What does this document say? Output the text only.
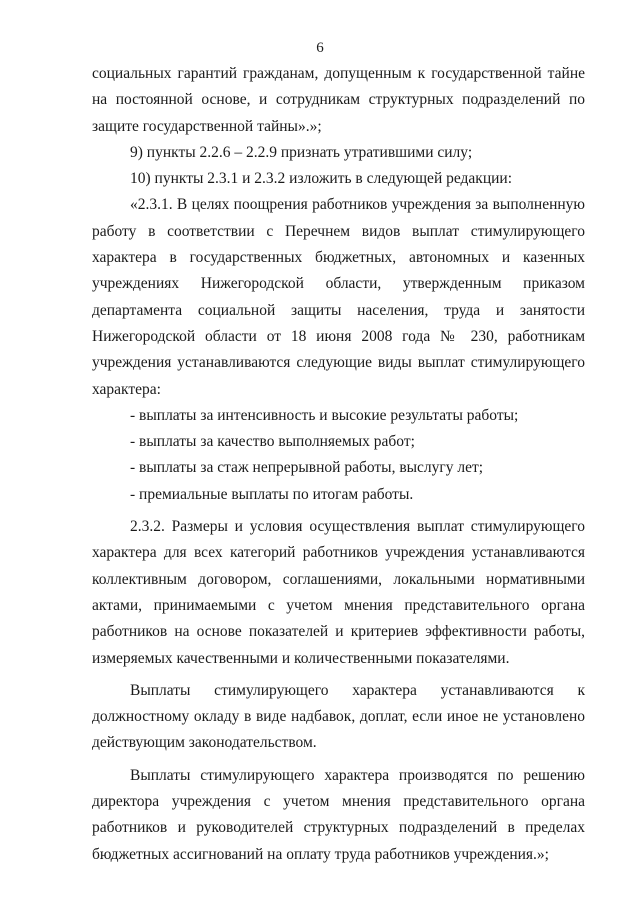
6

социальных гарантий гражданам, допущенным к государственной тайне на постоянной основе, и сотрудникам структурных подразделений по защите государственной тайны».»;

9) пункты 2.2.6 – 2.2.9 признать утратившими силу;

10) пункты 2.3.1 и 2.3.2 изложить в следующей редакции:

«2.3.1. В целях поощрения работников учреждения за выполненную работу в соответствии с Перечнем видов выплат стимулирующего характера в государственных бюджетных, автономных и казенных учреждениях Нижегородской области, утвержденным приказом департамента социальной защиты населения, труда и занятости Нижегородской области от 18 июня 2008 года № 230, работникам учреждения устанавливаются следующие виды выплат стимулирующего характера:

- выплаты за интенсивность и высокие результаты работы;

- выплаты за качество выполняемых работ;

- выплаты за стаж непрерывной работы, выслугу лет;

- премиальные выплаты по итогам работы.

2.3.2. Размеры и условия осуществления выплат стимулирующего характера для всех категорий работников учреждения устанавливаются коллективным договором, соглашениями, локальными нормативными актами, принимаемыми с учетом мнения представительного органа работников на основе показателей и критериев эффективности работы, измеряемых качественными и количественными показателями.

Выплаты стимулирующего характера устанавливаются к должностному окладу в виде надбавок, доплат, если иное не установлено действующим законодательством.

Выплаты стимулирующего характера производятся по решению директора учреждения с учетом мнения представительного органа работников и руководителей структурных подразделений в пределах бюджетных ассигнований на оплату труда работников учреждения.»;
